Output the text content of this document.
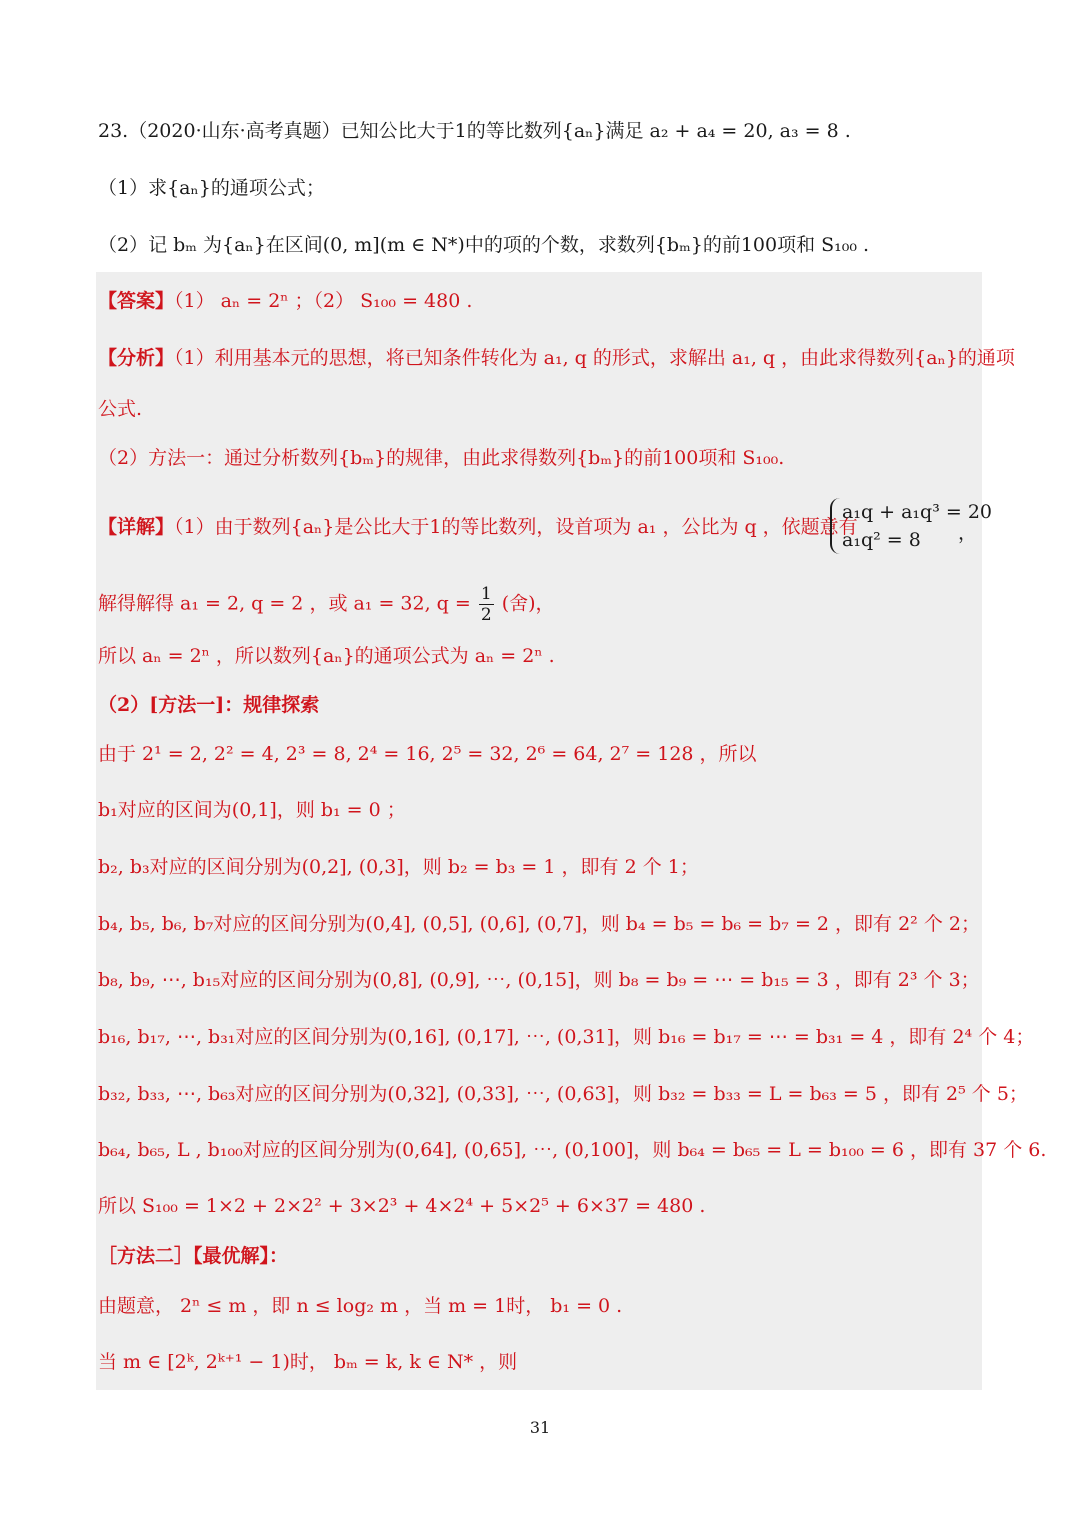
23.（2020·山东·高考真题）已知公比大于1的等比数列{aₙ}满足 a₂ + a₄ = 20, a₃ = 8 .
（1）求{aₙ}的通项公式；
（2）记 bₘ 为{aₙ}在区间(0, m](m ∈ N*)中的项的个数，求数列{bₘ}的前100项和 S₁₀₀ .
【答案】（1） aₙ = 2ⁿ ；（2） S₁₀₀ = 480 .
【分析】（1）利用基本元的思想，将已知条件转化为 a₁, q 的形式，求解出 a₁, q ，由此求得数列{aₙ}的通项
公式.
（2）方法一：通过分析数列{bₘ}的规律，由此求得数列{bₘ}的前100项和 S₁₀₀.
【详解】（1）由于数列{aₙ}是公比大于1的等比数列，设首项为 a₁ ，公比为 q ，依题意有
a₁q + a₁q³ = 20
a₁q² = 8	，
解得解得 a₁ = 2, q = 2 ，或 a₁ = 32, $q = \frac{1}{2}$ (舍)，
所以 aₙ = 2ⁿ ，所以数列{aₙ}的通项公式为 aₙ = 2ⁿ .
（2）[方法一]：规律探索
由于 2¹ = 2, 2² = 4, 2³ = 8, 2⁴ = 16, 2⁵ = 32, 2⁶ = 64, 2⁷ = 128 ，所以
b₁对应的区间为(0,1]，则 b₁ = 0 ；
b₂, b₃对应的区间分别为(0,2], (0,3]，则 b₂ = b₃ = 1 ，即有 2 个 1；
b₄, b₅, b₆, b₇对应的区间分别为(0,4], (0,5], (0,6], (0,7]，则 b₄ = b₅ = b₆ = b₇ = 2 ，即有 2² 个 2；
b₈, b₉, ⋯, b₁₅对应的区间分别为(0,8], (0,9], ⋯, (0,15]，则 b₈ = b₉ = ⋯ = b₁₅ = 3 ，即有 2³ 个 3；
b₁₆, b₁₇, ⋯, b₃₁对应的区间分别为(0,16], (0,17], ⋯, (0,31]，则 b₁₆ = b₁₇ = ⋯ = b₃₁ = 4 ，即有 2⁴ 个 4；
b₃₂, b₃₃, ⋯, b₆₃对应的区间分别为(0,32], (0,33], ⋯, (0,63]，则 b₃₂ = b₃₃ = L = b₆₃ = 5 ，即有 2⁵ 个 5；
b₆₄, b₆₅, L , b₁₀₀对应的区间分别为(0,64], (0,65], ⋯, (0,100]，则 b₆₄ = b₆₅ = L = b₁₀₀ = 6 ，即有 37 个 6.
所以 S₁₀₀ = 1×2 + 2×2² + 3×2³ + 4×2⁴ + 5×2⁵ + 6×37 = 480 .
［方法二］【最优解】：
由题意， 2ⁿ ≤ m ，即 n ≤ log₂ m ，当 m = 1时， b₁ = 0 .
当 m ∈ [2ᵏ, 2ᵏ⁺¹ − 1)时， bₘ = k, k ∈ N* ，则
31
